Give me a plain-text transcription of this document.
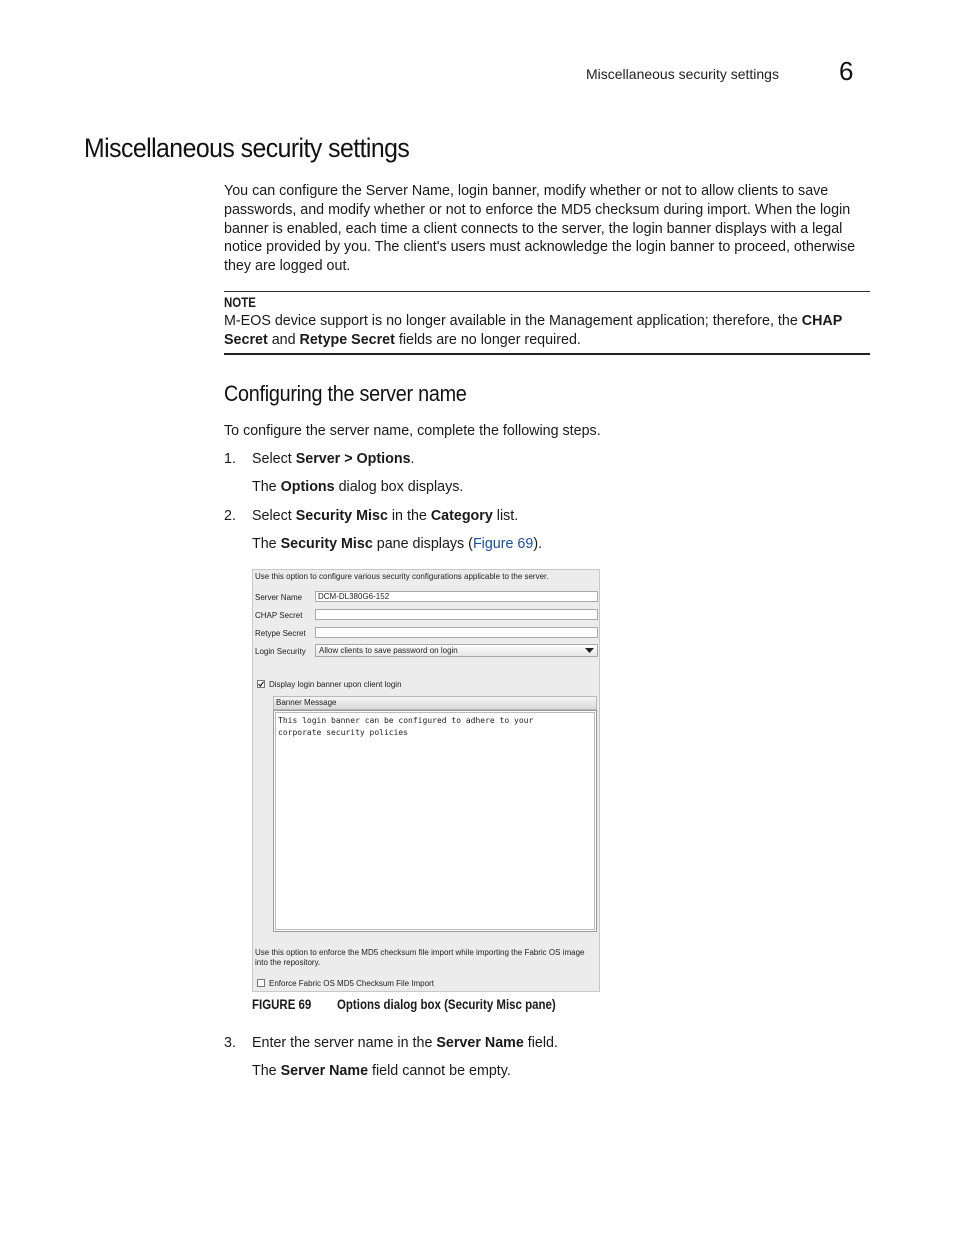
Miscellaneous security settings 6
Miscellaneous security settings
You can configure the Server Name, login banner, modify whether or not to allow clients to save passwords, and modify whether or not to enforce the MD5 checksum during import. When the login banner is enabled, each time a client connects to the server, the login banner displays with a legal notice provided by you. The client's users must acknowledge the login banner to proceed, otherwise they are logged out.
NOTE
M-EOS device support is no longer available in the Management application; therefore, the CHAP Secret and Retype Secret fields are no longer required.
Configuring the server name
To configure the server name, complete the following steps.
1. Select Server > Options.
The Options dialog box displays.
2. Select Security Misc in the Category list.
The Security Misc pane displays (Figure 69).
Use this option to configure various security configurations applicable to the server.
Server Name	DCM-DL380G6-152
CHAP Secret
Retype Secret
Login Security	Allow clients to save password on login
Display login banner upon client login
Banner Message
This login banner can be configured to adhere to your
corporate security policies
Use this option to enforce the MD5 checksum file import while importing the Fabric OS image
into the repository.
Enforce Fabric OS MD5 Checksum File Import
FIGURE 69 Options dialog box (Security Misc pane)
3. Enter the server name in the Server Name field.
The Server Name field cannot be empty.
